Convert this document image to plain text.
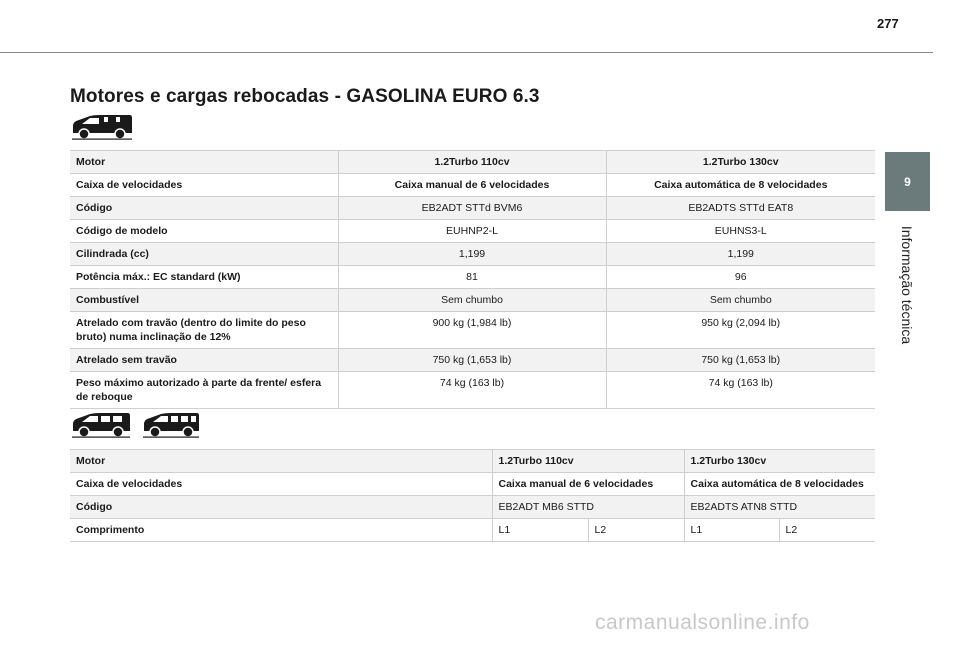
277
Motores e cargas rebocadas - GASOLINA EURO 6.3
9
Informação técnica
Motor	1.2Turbo 110cv	1.2Turbo 130cv
Caixa de velocidades	Caixa manual de 6 velocidades	Caixa automática de 8 velocidades
Código	EB2ADT STTd BVM6	EB2ADTS STTd EAT8
Código de modelo	EUHNP2-L	EUHNS3-L
Cilindrada (cc)	1,199	1,199
Potência máx.: EC standard (kW)	81	96
Combustível	Sem chumbo	Sem chumbo
Atrelado com travão (dentro do limite do peso bruto) numa inclinação de 12%	900 kg (1,984 lb)	950 kg (2,094 lb)
Atrelado sem travão	750 kg (1,653 lb)	750 kg (1,653 lb)
Peso máximo autorizado à parte da frente/ esfera de reboque	74 kg (163 lb)	74 kg (163 lb)
Motor	1.2Turbo 110cv		1.2Turbo 130cv	
Caixa de velocidades	Caixa manual de 6 velocidades		Caixa automática de 8 velocidades	
Código	EB2ADT MB6 STTD		EB2ADTS ATN8 STTD	
Comprimento	L1	L2	L1	L2
carmanualsonline.info
